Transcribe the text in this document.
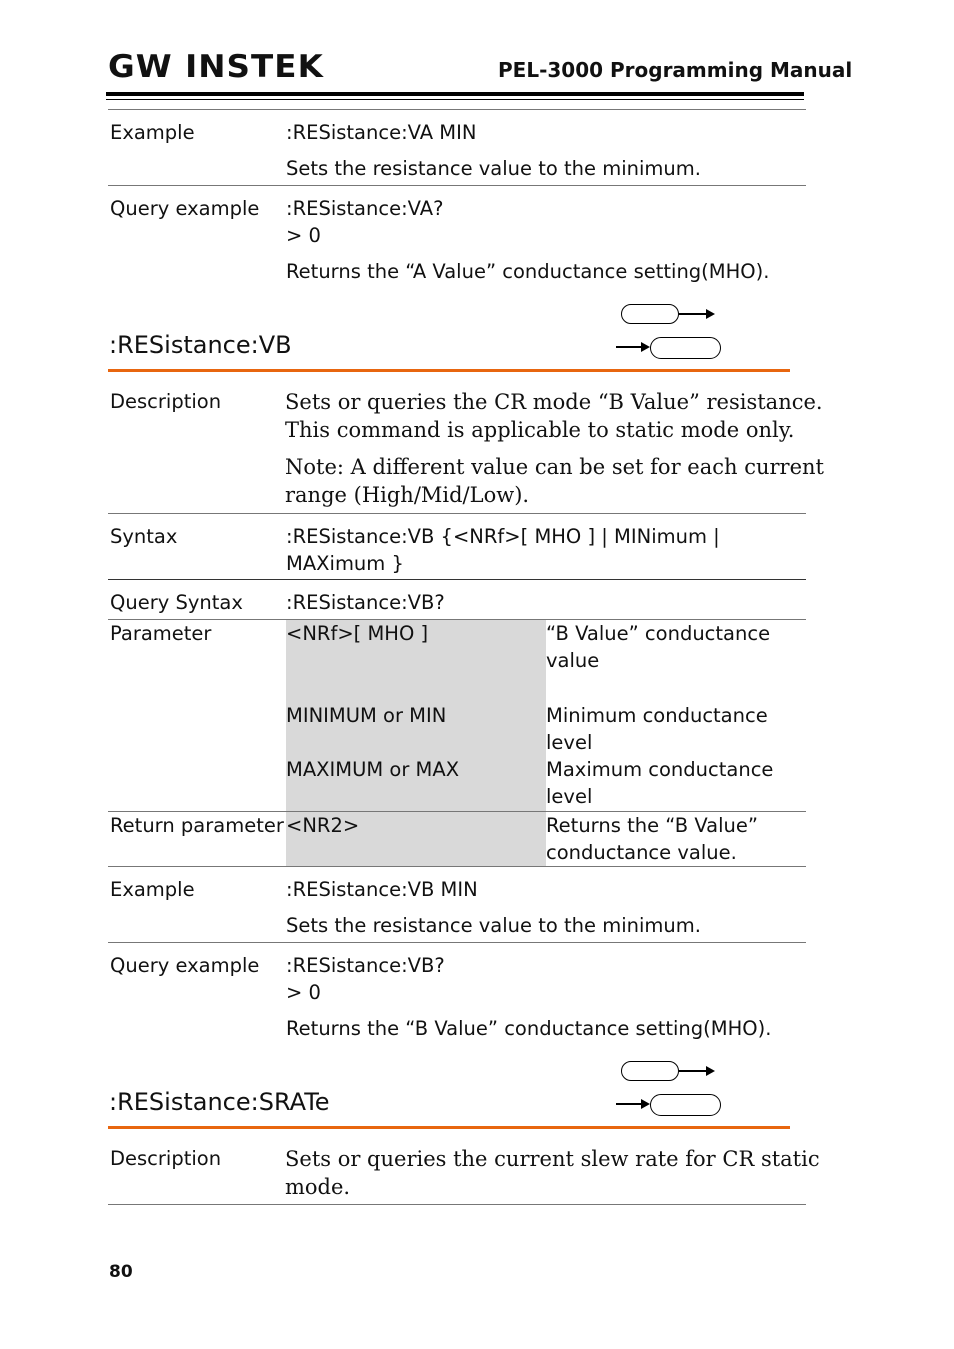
GW INSTEK	PEL-3000 Programming Manual
Example	:RESistance:VA MIN
Sets the resistance value to the minimum.
Query example :RESistance:VA?
> 0
Returns the “A Value” conductance setting(MHO).
:RESistance:VB
Description	Sets or queries the CR mode “B Value” resistance.
This command is applicable to static mode only.
Note: A different value can be set for each current
range (High/Mid/Low).
Syntax	:RESistance:VB {<NRf>[ MHO ] | MINimum |
MAXimum }
Query Syntax :RESistance:VB?
Parameter	<NRf>[ MHO ]	“B Value” conductance
value
MINIMUM or MIN	Minimum conductance
level
MAXIMUM or MAX	Maximum conductance
level
Return parameter <NR2>	Returns the “B Value”
conductance value.
Example	:RESistance:VB MIN
Sets the resistance value to the minimum.
Query example :RESistance:VB?
> 0
Returns the “B Value” conductance setting(MHO).
:RESistance:SRATe
Description	Sets or queries the current slew rate for CR static
mode.
80
